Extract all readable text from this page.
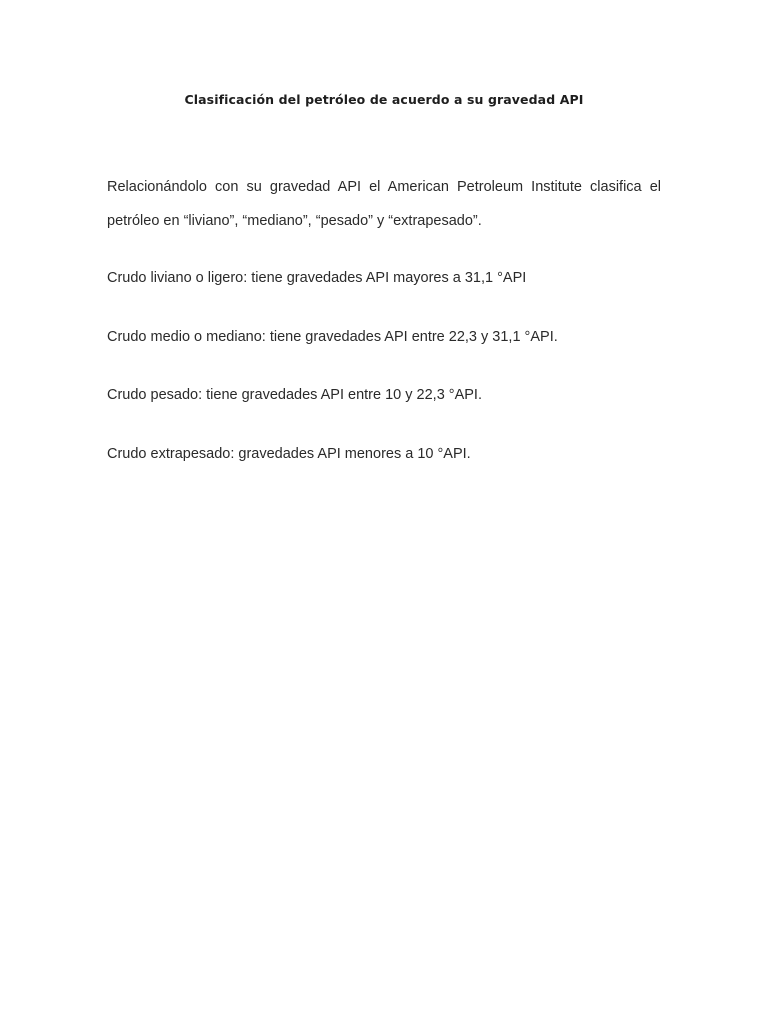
Clasificación del petróleo de acuerdo a su gravedad API

Relacionándolo con su gravedad API el American Petroleum Institute clasifica el petróleo en “liviano”, “mediano”, “pesado” y “extrapesado”.

Crudo liviano o ligero: tiene gravedades API mayores a 31,1 °API

Crudo medio o mediano: tiene gravedades API entre 22,3 y 31,1 °API.

Crudo pesado: tiene gravedades API entre 10 y 22,3 °API.

Crudo extrapesado: gravedades API menores a 10 °API.
